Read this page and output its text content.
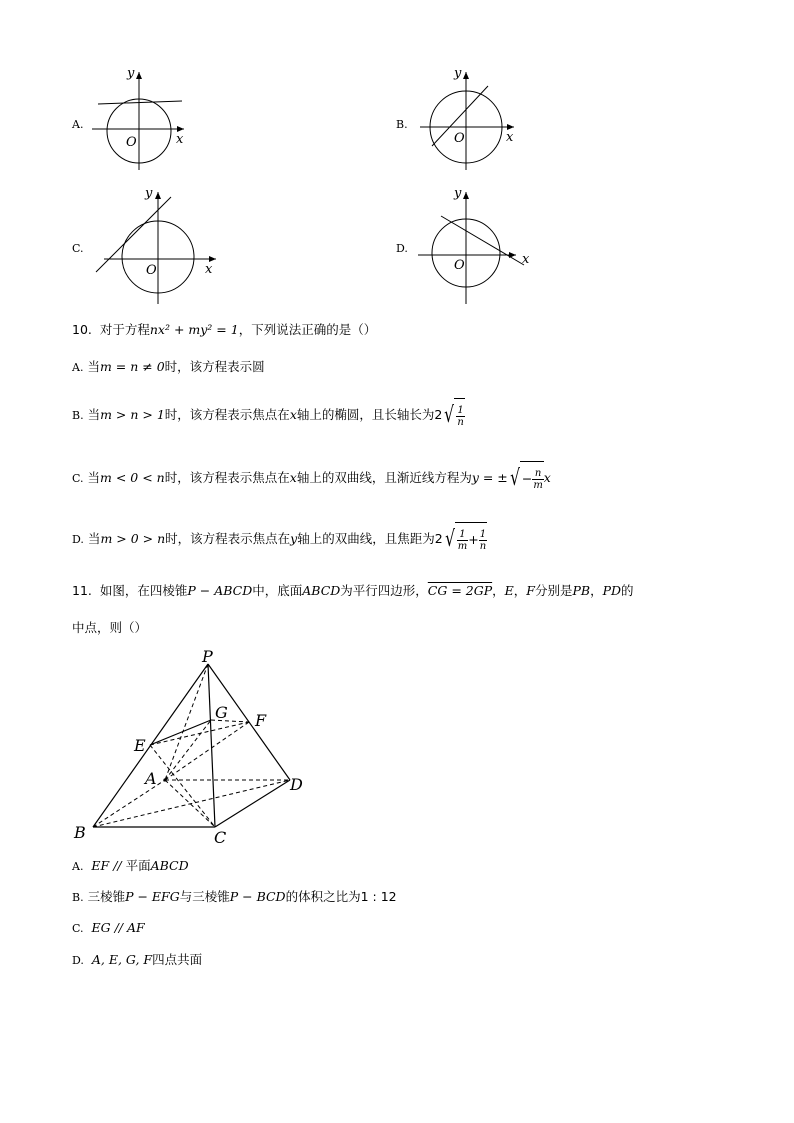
A.
y
x
O
B.
y
x
O
C.
y
x
O
D.
y
x
O
10. 对于方程nx² + my² = 1，下列说法正确的是（）
A. 当m = n ≠ 0时，该方程表示圆
B. 当m > n > 1时，该方程表示焦点在x轴上的椭圆，且长轴长为$2√ \frac{1}{n}$
C. 当m < 0 < n时，该方程表示焦点在x轴上的双曲线，且渐近线方程为y = ±√ − $\frac{n}{m}$ x
D. 当m > 0 > n时，该方程表示焦点在y轴上的双曲线，且焦距为$2√ \frac{1}{m} + \frac{1}{n}$
11. 如图，在四棱锥P − ABCD中，底面ABCD为平行四边形，CG = 2GP，E，F分别是PB，PD的
中点，则（）
P
G F
E
A	D
B	C
A. EF // 平面ABCD
B. 三棱锥P − EFG与三棱锥P − BCD的体积之比为1 : 12
C. EG // AF
D. A, E, G, F四点共面
